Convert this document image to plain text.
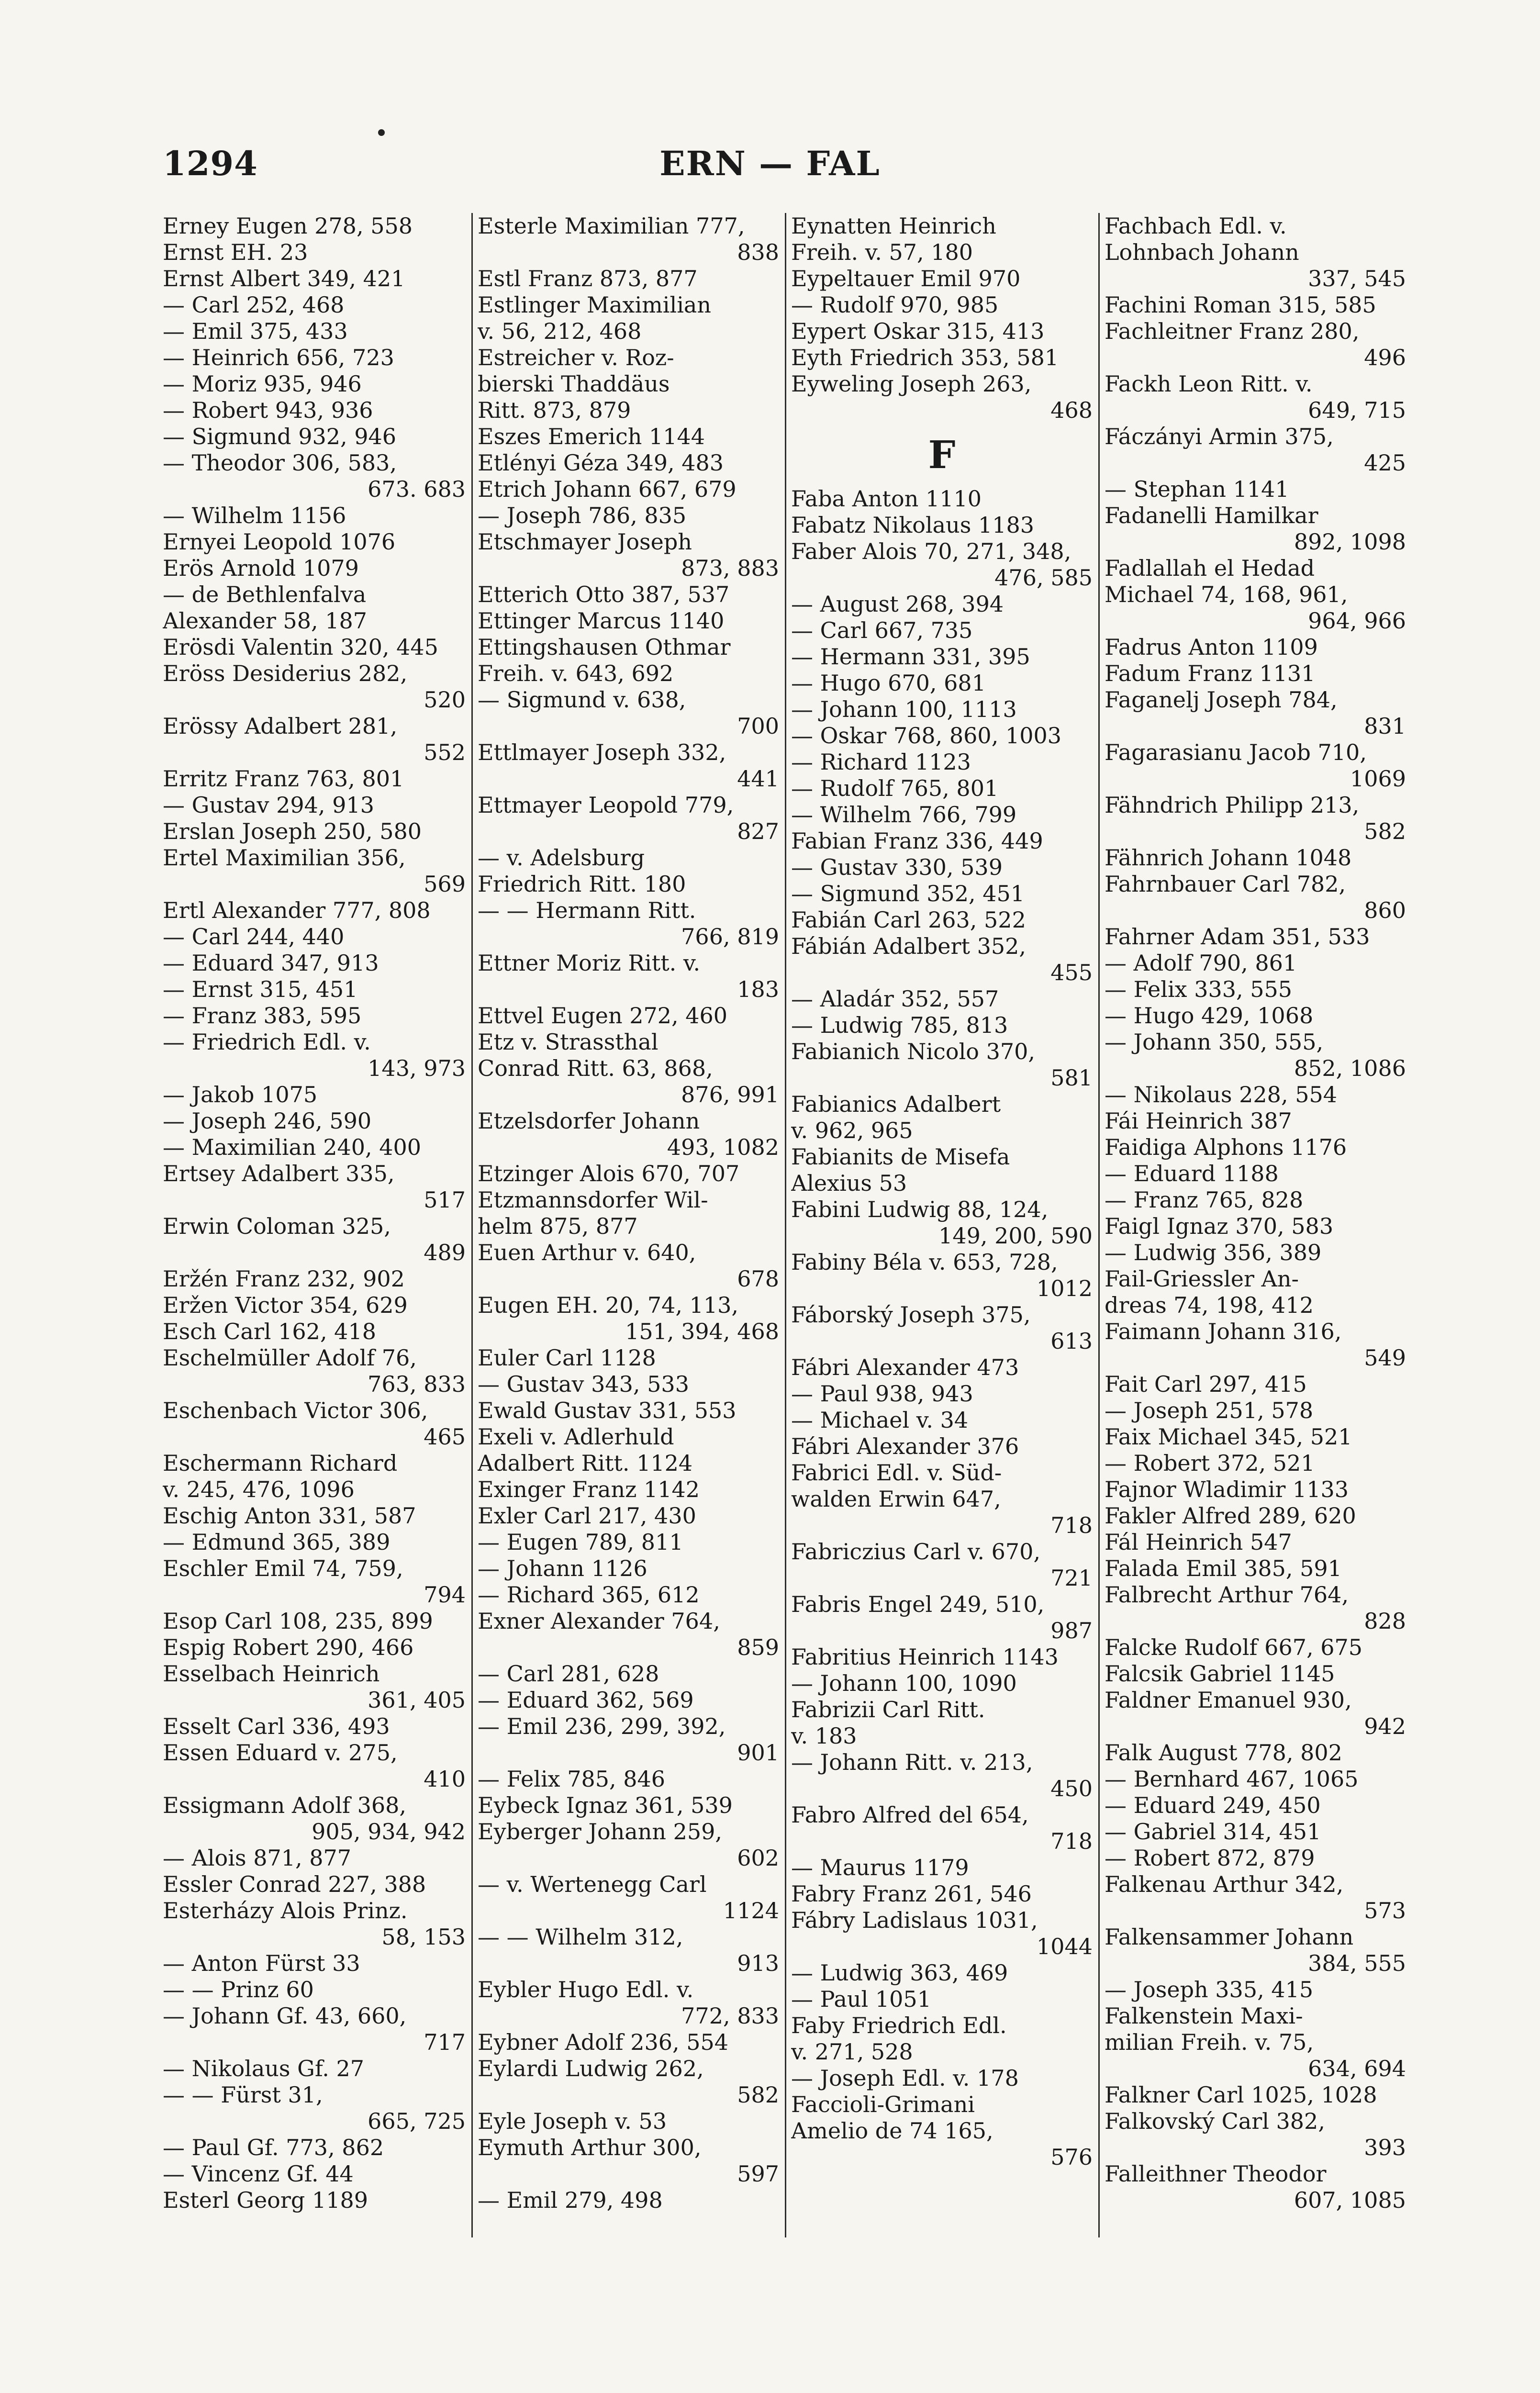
1294	ERN — FAL
Erney Eugen 278, 558
Ernst EH. 23
Ernst Albert 349, 421
— Carl 252, 468
— Emil 375, 433
— Heinrich 656, 723
— Moriz 935, 946
— Robert 943, 936
— Sigmund 932, 946
— Theodor 306, 583,
673. 683
— Wilhelm 1156
Ernyei Leopold 1076
Erös Arnold 1079
— de Bethlenfalva
Alexander 58, 187
Erösdi Valentin 320, 445
Eröss Desiderius 282,
520
Erössy Adalbert 281,
552
Erritz Franz 763, 801
— Gustav 294, 913
Erslan Joseph 250, 580
Ertel Maximilian 356,
569
Ertl Alexander 777, 808
— Carl 244, 440
— Eduard 347, 913
— Ernst 315, 451
— Franz 383, 595
— Friedrich Edl. v.
143, 973
— Jakob 1075
— Joseph 246, 590
— Maximilian 240, 400
Ertsey Adalbert 335,
517
Erwin Coloman 325,
489
Eržén Franz 232, 902
Eržen Victor 354, 629
Esch Carl 162, 418
Eschelmüller Adolf 76,
763, 833
Eschenbach Victor 306,
465
Eschermann Richard
v. 245, 476, 1096
Eschig Anton 331, 587
— Edmund 365, 389
Eschler Emil 74, 759,
794
Esop Carl 108, 235, 899
Espig Robert 290, 466
Esselbach Heinrich
361, 405
Esselt Carl 336, 493
Essen Eduard v. 275,
410
Essigmann Adolf 368,
905, 934, 942
— Alois 871, 877
Essler Conrad 227, 388
Esterházy Alois Prinz.
58, 153
— Anton Fürst 33
— — Prinz 60
— Johann Gf. 43, 660,
717
— Nikolaus Gf. 27
— — Fürst 31,
665, 725
— Paul Gf. 773, 862
— Vincenz Gf. 44
Esterl Georg 1189
Esterle Maximilian 777,
838
Estl Franz 873, 877
Estlinger Maximilian
v. 56, 212, 468
Estreicher v. Roz-
bierski Thaddäus
Ritt. 873, 879
Eszes Emerich 1144
Etlényi Géza 349, 483
Etrich Johann 667, 679
— Joseph 786, 835
Etschmayer Joseph
873, 883
Etterich Otto 387, 537
Ettinger Marcus 1140
Ettingshausen Othmar
Freih. v. 643, 692
— Sigmund v. 638,
700
Ettlmayer Joseph 332,
441
Ettmayer Leopold 779,
827
— v. Adelsburg
Friedrich Ritt. 180
— — Hermann Ritt.
766, 819
Ettner Moriz Ritt. v.
183
Ettvel Eugen 272, 460
Etz v. Strassthal
Conrad Ritt. 63, 868,
876, 991
Etzelsdorfer Johann
493, 1082
Etzinger Alois 670, 707
Etzmannsdorfer Wil-
helm 875, 877
Euen Arthur v. 640,
678
Eugen EH. 20, 74, 113,
151, 394, 468
Euler Carl 1128
— Gustav 343, 533
Ewald Gustav 331, 553
Exeli v. Adlerhuld
Adalbert Ritt. 1124
Exinger Franz 1142
Exler Carl 217, 430
— Eugen 789, 811
— Johann 1126
— Richard 365, 612
Exner Alexander 764,
859
— Carl 281, 628
— Eduard 362, 569
— Emil 236, 299, 392,
901
— Felix 785, 846
Eybeck Ignaz 361, 539
Eyberger Johann 259,
602
— v. Wertenegg Carl
1124
— — Wilhelm 312,
913
Eybler Hugo Edl. v.
772, 833
Eybner Adolf 236, 554
Eylardi Ludwig 262,
582
Eyle Joseph v. 53
Eymuth Arthur 300,
597
— Emil 279, 498
Eynatten Heinrich
Freih. v. 57, 180
Eypeltauer Emil 970
— Rudolf 970, 985
Eypert Oskar 315, 413
Eyth Friedrich 353, 581
Eyweling Joseph 263,
468
F
Faba Anton 1110
Fabatz Nikolaus 1183
Faber Alois 70, 271, 348,
476, 585
— August 268, 394
— Carl 667, 735
— Hermann 331, 395
— Hugo 670, 681
— Johann 100, 1113
— Oskar 768, 860, 1003
— Richard 1123
— Rudolf 765, 801
— Wilhelm 766, 799
Fabian Franz 336, 449
— Gustav 330, 539
— Sigmund 352, 451
Fabián Carl 263, 522
Fábián Adalbert 352,
455
— Aladár 352, 557
— Ludwig 785, 813
Fabianich Nicolo 370,
581
Fabianics Adalbert
v. 962, 965
Fabianits de Misefa
Alexius 53
Fabini Ludwig 88, 124,
149, 200, 590
Fabiny Béla v. 653, 728,
1012
Fáborský Joseph 375,
613
Fábri Alexander 473
— Paul 938, 943
— Michael v. 34
Fábri Alexander 376
Fabrici Edl. v. Süd-
walden Erwin 647,
718
Fabriczius Carl v. 670,
721
Fabris Engel 249, 510,
987
Fabritius Heinrich 1143
— Johann 100, 1090
Fabrizii Carl Ritt.
v. 183
— Johann Ritt. v. 213,
450
Fabro Alfred del 654,
718
— Maurus 1179
Fabry Franz 261, 546
Fábry Ladislaus 1031,
1044
— Ludwig 363, 469
— Paul 1051
Faby Friedrich Edl.
v. 271, 528
— Joseph Edl. v. 178
Faccioli-Grimani
Amelio de 74 165,
576
Fachbach Edl. v.
Lohnbach Johann
337, 545
Fachini Roman 315, 585
Fachleitner Franz 280,
496
Fackh Leon Ritt. v.
649, 715
Fáczányi Armin 375,
425
— Stephan 1141
Fadanelli Hamilkar
892, 1098
Fadlallah el Hedad
Michael 74, 168, 961,
964, 966
Fadrus Anton 1109
Fadum Franz 1131
Faganelj Joseph 784,
831
Fagarasianu Jacob 710,
1069
Fähndrich Philipp 213,
582
Fähnrich Johann 1048
Fahrnbauer Carl 782,
860
Fahrner Adam 351, 533
— Adolf 790, 861
— Felix 333, 555
— Hugo 429, 1068
— Johann 350, 555,
852, 1086
— Nikolaus 228, 554
Fái Heinrich 387
Faidiga Alphons 1176
— Eduard 1188
— Franz 765, 828
Faigl Ignaz 370, 583
— Ludwig 356, 389
Fail-Griessler An-
dreas 74, 198, 412
Faimann Johann 316,
549
Fait Carl 297, 415
— Joseph 251, 578
Faix Michael 345, 521
— Robert 372, 521
Fajnor Wladimir 1133
Fakler Alfred 289, 620
Fál Heinrich 547
Falada Emil 385, 591
Falbrecht Arthur 764,
828
Falcke Rudolf 667, 675
Falcsik Gabriel 1145
Faldner Emanuel 930,
942
Falk August 778, 802
— Bernhard 467, 1065
— Eduard 249, 450
— Gabriel 314, 451
— Robert 872, 879
Falkenau Arthur 342,
573
Falkensammer Johann
384, 555
— Joseph 335, 415
Falkenstein Maxi-
milian Freih. v. 75,
634, 694
Falkner Carl 1025, 1028
Falkovský Carl 382,
393
Falleithner Theodor
607, 1085
